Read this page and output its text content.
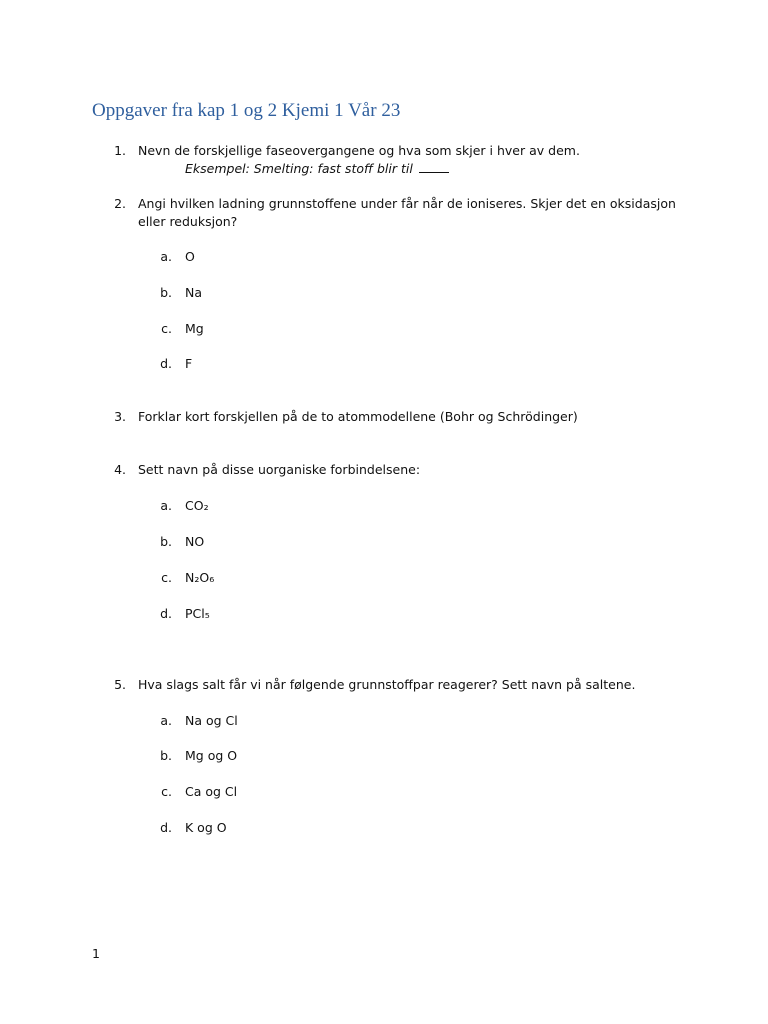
Oppgaver fra kap 1 og 2 Kjemi 1 Vår 23
1. Nevn de forskjellige faseovergangene og hva som skjer i hver av dem.
Eksempel: Smelting: fast stoff blir til
2. Angi hvilken ladning grunnstoffene under får når de ioniseres. Skjer det en oksidasjon
eller reduksjon?
a. O
b. Na
c. Mg
d. F
3. Forklar kort forskjellen på de to atommodellene (Bohr og Schrödinger)
4. Sett navn på disse uorganiske forbindelsene:
a. CO₂
b. NO
c. N₂O₆
d. PCl₅
5. Hva slags salt får vi når følgende grunnstoffpar reagerer? Sett navn på saltene.
a. Na og Cl
b. Mg og O
c. Ca og Cl
d. K og O
1
